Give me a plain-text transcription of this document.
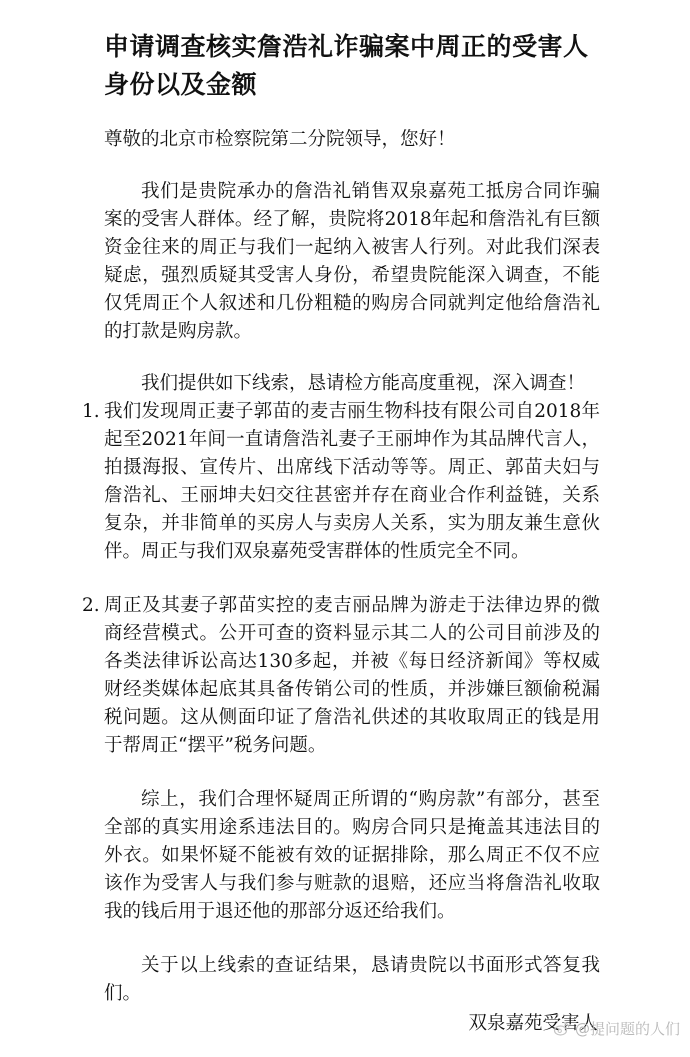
申请调查核实詹浩礼诈骗案中周正的受害人身份以及金额

尊敬的北京市检察院第二分院领导，您好！

我们是贵院承办的詹浩礼销售双泉嘉苑工抵房合同诈骗案的受害人群体。经了解，贵院将2018年起和詹浩礼有巨额资金往来的周正与我们一起纳入被害人行列。对此我们深表疑虑，强烈质疑其受害人身份，希望贵院能深入调查，不能仅凭周正个人叙述和几份粗糙的购房合同就判定他给詹浩礼的打款是购房款。

我们提供如下线索，恳请检方能高度重视，深入调查！

1. 我们发现周正妻子郭苗的麦吉丽生物科技有限公司自2018年起至2021年间一直请詹浩礼妻子王丽坤作为其品牌代言人，拍摄海报、宣传片、出席线下活动等等。周正、郭苗夫妇与詹浩礼、王丽坤夫妇交往甚密并存在商业合作利益链，关系复杂，并非简单的买房人与卖房人关系，实为朋友兼生意伙伴。周正与我们双泉嘉苑受害群体的性质完全不同。
2. 周正及其妻子郭苗实控的麦吉丽品牌为游走于法律边界的微商经营模式。公开可查的资料显示其二人的公司目前涉及的各类法律诉讼高达130多起，并被《每日经济新闻》等权威财经类媒体起底其具备传销公司的性质，并涉嫌巨额偷税漏税问题。这从侧面印证了詹浩礼供述的其收取周正的钱是用于帮周正“摆平”税务问题。

综上，我们合理怀疑周正所谓的“购房款”有部分，甚至全部的真实用途系违法目的。购房合同只是掩盖其违法目的外衣。如果怀疑不能被有效的证据排除，那么周正不仅不应该作为受害人与我们参与赃款的退赔，还应当将詹浩礼收取我的钱后用于退还他的那部分返还给我们。

关于以上线索的查证结果，恳请贵院以书面形式答复我们。

双泉嘉苑受害人
@提问题的人们
